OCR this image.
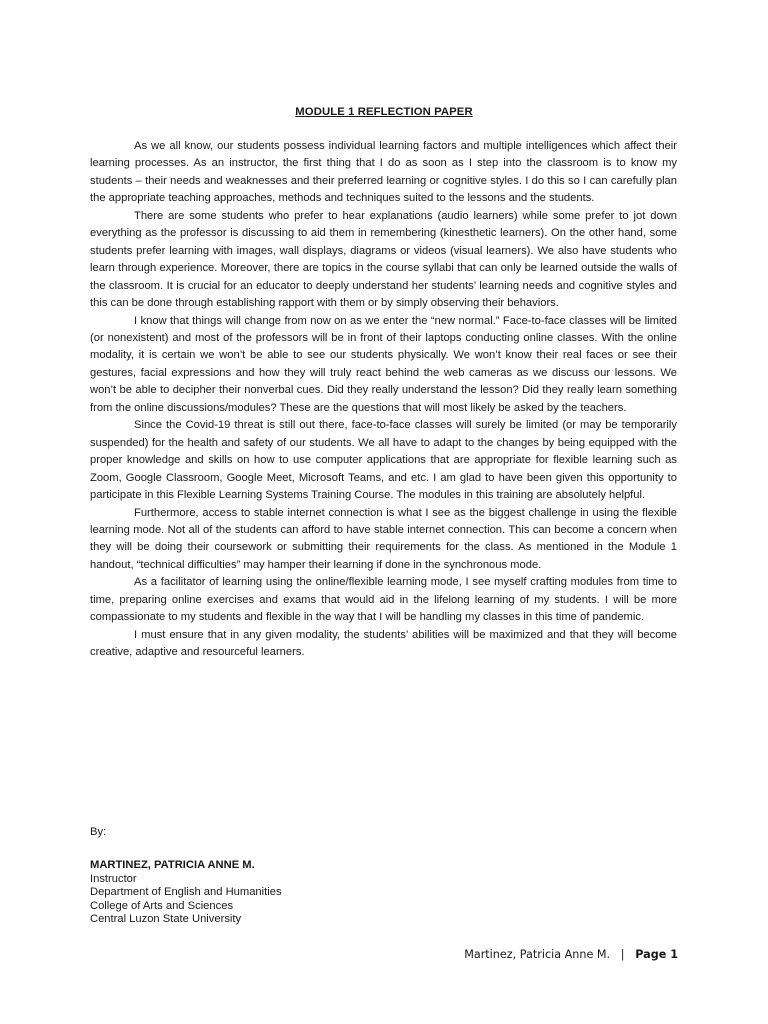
MODULE 1 REFLECTION PAPER

As we all know, our students possess individual learning factors and multiple intelligences which affect their learning processes. As an instructor, the first thing that I do as soon as I step into the classroom is to know my students – their needs and weaknesses and their preferred learning or cognitive styles. I do this so I can carefully plan the appropriate teaching approaches, methods and techniques suited to the lessons and the students.

There are some students who prefer to hear explanations (audio learners) while some prefer to jot down everything as the professor is discussing to aid them in remembering (kinesthetic learners). On the other hand, some students prefer learning with images, wall displays, diagrams or videos (visual learners). We also have students who learn through experience. Moreover, there are topics in the course syllabi that can only be learned outside the walls of the classroom. It is crucial for an educator to deeply understand her students’ learning needs and cognitive styles and this can be done through establishing rapport with them or by simply observing their behaviors.

I know that things will change from now on as we enter the “new normal.” Face-to-face classes will be limited (or nonexistent) and most of the professors will be in front of their laptops conducting online classes. With the online modality, it is certain we won’t be able to see our students physically. We won’t know their real faces or see their gestures, facial expressions and how they will truly react behind the web cameras as we discuss our lessons. We won’t be able to decipher their nonverbal cues. Did they really understand the lesson? Did they really learn something from the online discussions/modules? These are the questions that will most likely be asked by the teachers.

Since the Covid-19 threat is still out there, face-to-face classes will surely be limited (or may be temporarily suspended) for the health and safety of our students. We all have to adapt to the changes by being equipped with the proper knowledge and skills on how to use computer applications that are appropriate for flexible learning such as Zoom, Google Classroom, Google Meet, Microsoft Teams, and etc. I am glad to have been given this opportunity to participate in this Flexible Learning Systems Training Course. The modules in this training are absolutely helpful.

Furthermore, access to stable internet connection is what I see as the biggest challenge in using the flexible learning mode. Not all of the students can afford to have stable internet connection. This can become a concern when they will be doing their coursework or submitting their requirements for the class. As mentioned in the Module 1 handout, “technical difficulties” may hamper their learning if done in the synchronous mode.

As a facilitator of learning using the online/flexible learning mode, I see myself crafting modules from time to time, preparing online exercises and exams that would aid in the lifelong learning of my students. I will be more compassionate to my students and flexible in the way that I will be handling my classes in this time of pandemic.

I must ensure that in any given modality, the students’ abilities will be maximized and that they will become creative, adaptive and resourceful learners.

By:
MARTINEZ, PATRICIA ANNE M.
Instructor
Department of English and Humanities
College of Arts and Sciences
Central Luzon State University
Martinez, Patricia Anne M. | Page 1
